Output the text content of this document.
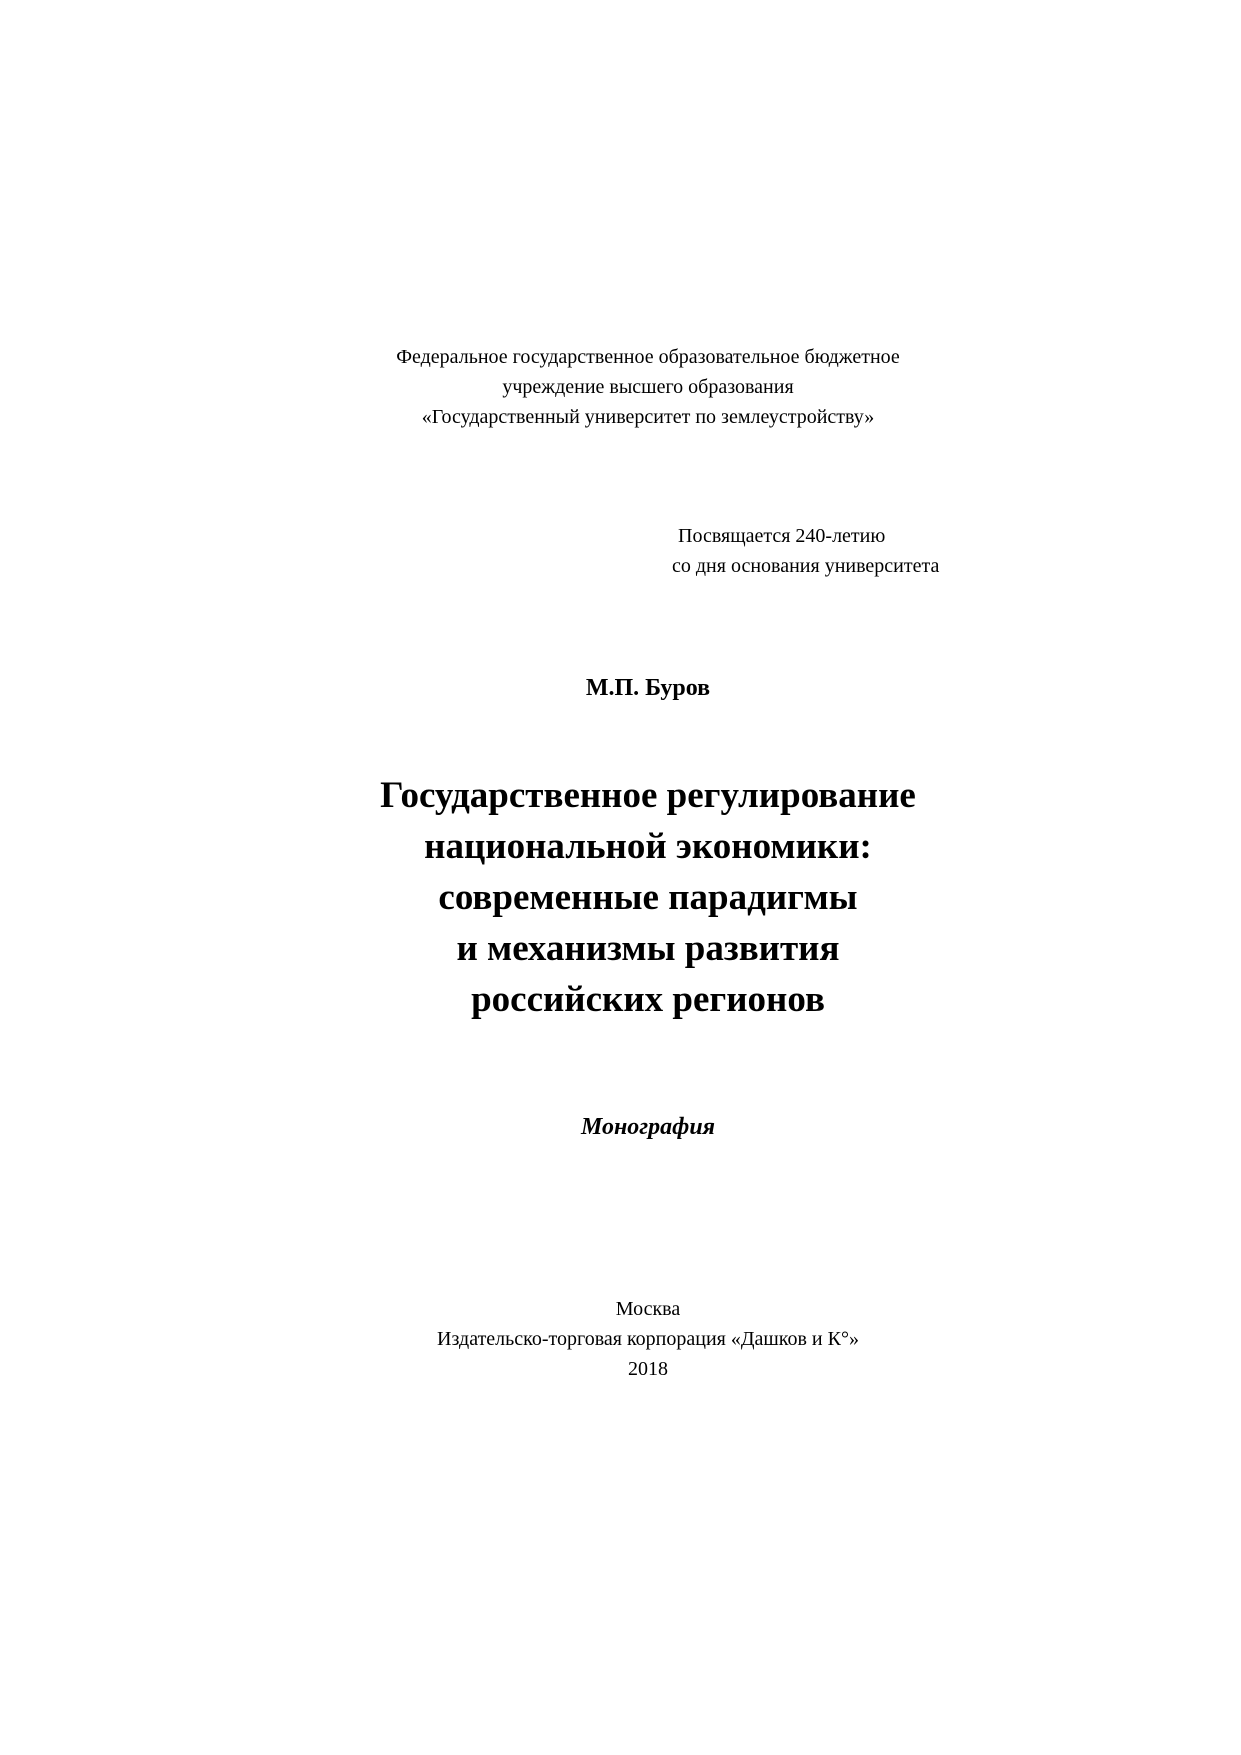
Федеральное государственное образовательное бюджетное
учреждение высшего образования
«Государственный университет по землеустройству»
Посвящается 240-летию
со дня основания университета
М.П. Буров
Государственное регулирование
национальной экономики:
современные парадигмы
и механизмы развития
российских регионов
Монография
Москва
Издательско-торговая корпорация «Дашков и К°»
2018
